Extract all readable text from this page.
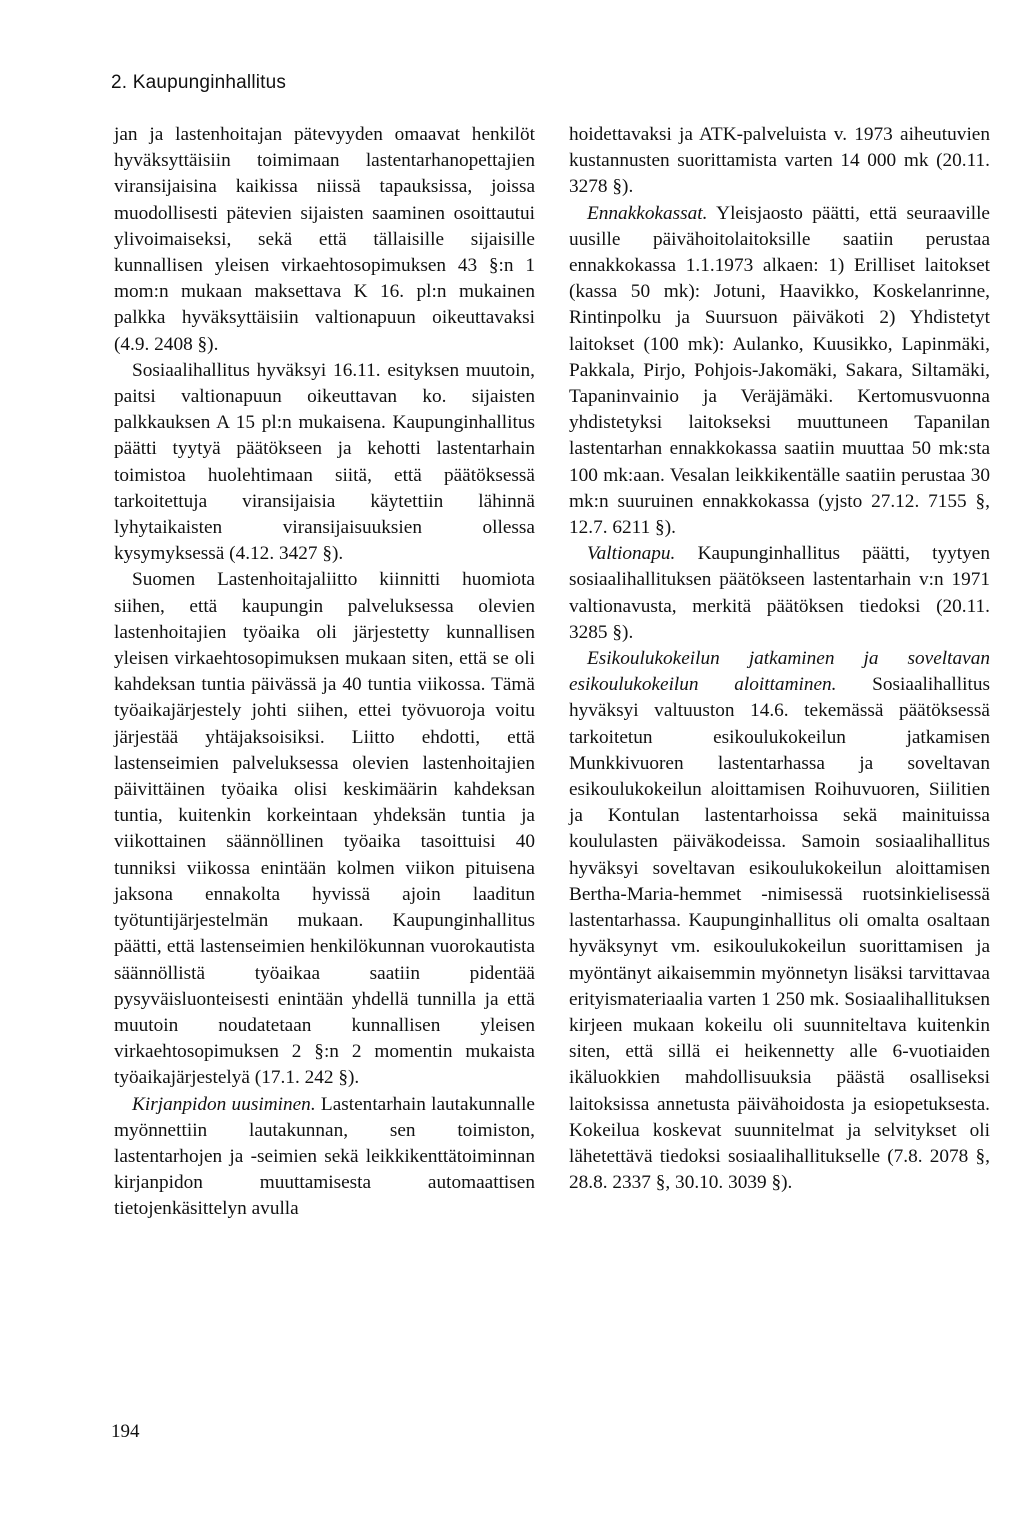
2. Kaupunginhallitus

jan ja lastenhoitajan pätevyyden omaavat henkilöt hyväksyttäisiin toimimaan lastentarhanopettajien viransijaisina kaikissa niissä tapauksissa, joissa muodollisesti pätevien sijaisten saaminen osoittautui ylivoimaiseksi, sekä että tällaisille sijaisille kunnallisen yleisen virkaehtosopimuksen 43 §:n 1 mom:n mukaan maksettava K 16. pl:n mukainen palkka hyväksyttäisiin valtionapuun oikeuttavaksi (4.9. 2408 §).

Sosiaalihallitus hyväksyi 16.11. esityksen muutoin, paitsi valtionapuun oikeuttavan ko. sijaisten palkkauksen A 15 pl:n mukaisena. Kaupunginhallitus päätti tyytyä päätökseen ja kehotti lastentarhain toimistoa huolehtimaan siitä, että päätöksessä tarkoitettuja viransijaisia käytettiin lähinnä lyhytaikaisten viransijaisuuksien ollessa kysymyksessä (4.12. 3427 §).

Suomen Lastenhoitajaliitto kiinnitti huomiota siihen, että kaupungin palveluksessa olevien lastenhoitajien työaika oli järjestetty kunnallisen yleisen virkaehtosopimuksen mukaan siten, että se oli kahdeksan tuntia päivässä ja 40 tuntia viikossa. Tämä työaikajärjestely johti siihen, ettei työvuoroja voitu järjestää yhtäjaksoisiksi. Liitto ehdotti, että lastenseimien palveluksessa olevien lastenhoitajien päivittäinen työaika olisi keskimäärin kahdeksan tuntia, kuitenkin korkeintaan yhdeksän tuntia ja viikottainen säännöllinen työaika tasoittuisi 40 tunniksi viikossa enintään kolmen viikon pituisena jaksona ennakolta hyvissä ajoin laaditun työtuntijärjestelmän mukaan. Kaupunginhallitus päätti, että lastenseimien henkilökunnan vuorokautista säännöllistä työaikaa saatiin pidentää pysyväisluonteisesti enintään yhdellä tunnilla ja että muutoin noudatetaan kunnallisen yleisen virkaehtosopimuksen 2 §:n 2 momentin mukaista työaikajärjestelyä (17.1. 242 §).

Kirjanpidon uusiminen. Lastentarhain lautakunnalle myönnettiin lautakunnan, sen toimiston, lastentarhojen ja -seimien sekä leikkikenttätoiminnan kirjanpidon muuttamisesta automaattisen tietojenkäsittelyn avulla

hoidettavaksi ja ATK-palveluista v. 1973 aiheutuvien kustannusten suorittamista varten 14 000 mk (20.11. 3278 §).

Ennakkokassat. Yleisjaosto päätti, että seuraaville uusille päivähoitolaitoksille saatiin perustaa ennakkokassa 1.1.1973 alkaen: 1) Erilliset laitokset (kassa 50 mk): Jotuni, Haavikko, Koskelanrinne, Rintinpolku ja Suursuon päiväkoti 2) Yhdistetyt laitokset (100 mk): Aulanko, Kuusikko, Lapinmäki, Pakkala, Pirjo, Pohjois-Jakomäki, Sakara, Siltamäki, Tapaninvainio ja Veräjämäki. Kertomusvuonna yhdistetyksi laitokseksi muuttuneen Tapanilan lastentarhan ennakkokassa saatiin muuttaa 50 mk:sta 100 mk:aan. Vesalan leikkikentälle saatiin perustaa 30 mk:n suuruinen ennakkokassa (yjsto 27.12. 7155 §, 12.7. 6211 §).

Valtionapu. Kaupunginhallitus päätti, tyytyen sosiaalihallituksen päätökseen lastentarhain v:n 1971 valtionavusta, merkitä päätöksen tiedoksi (20.11. 3285 §).

Esikoulukokeilun jatkaminen ja soveltavan esikoulukokeilun aloittaminen. Sosiaalihallitus hyväksyi valtuuston 14.6. tekemässä päätöksessä tarkoitetun esikoulukokeilun jatkamisen Munkkivuoren lastentarhassa ja soveltavan esikoulukokeilun aloittamisen Roihuvuoren, Siilitien ja Kontulan lastentarhoissa sekä mainituissa koululasten päiväkodeissa. Samoin sosiaalihallitus hyväksyi soveltavan esikoulukokeilun aloittamisen Bertha-Maria-hemmet -nimisessä ruotsinkielisessä lastentarhassa. Kaupunginhallitus oli omalta osaltaan hyväksynyt vm. esikoulukokeilun suorittamisen ja myöntänyt aikaisemmin myönnetyn lisäksi tarvittavaa erityismateriaalia varten 1 250 mk. Sosiaalihallituksen kirjeen mukaan kokeilu oli suunniteltava kuitenkin siten, että sillä ei heikennetty alle 6-vuotiaiden ikäluokkien mahdollisuuksia päästä osalliseksi laitoksissa annetusta päivähoidosta ja esiopetuksesta. Kokeilua koskevat suunnitelmat ja selvitykset oli lähetettävä tiedoksi sosiaalihallitukselle (7.8. 2078 §, 28.8. 2337 §, 30.10. 3039 §).

194
